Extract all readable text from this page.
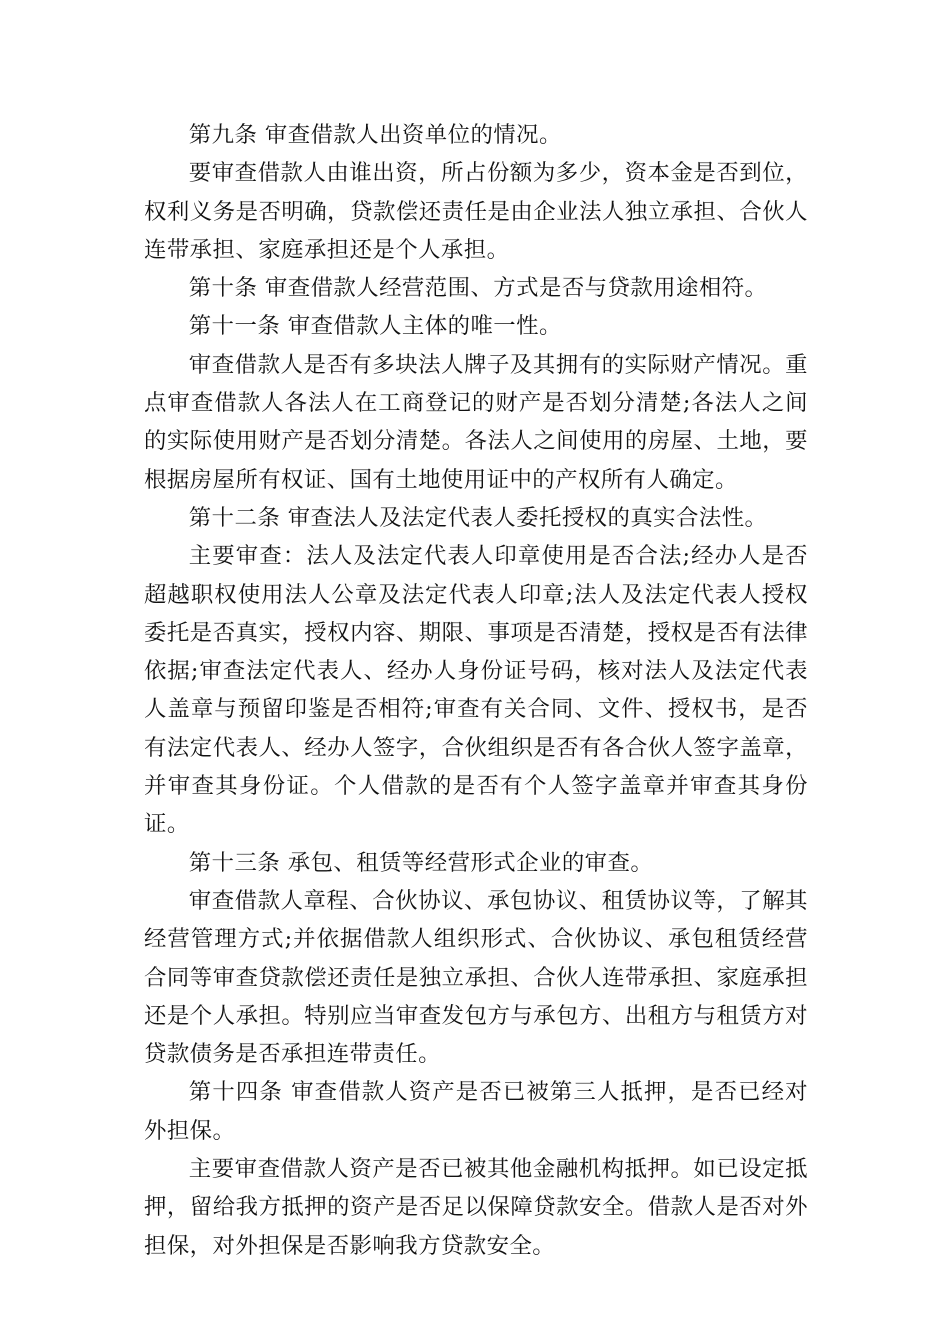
第九条 审查借款人出资单位的情况。

要审查借款人由谁出资，所占份额为多少，资本金是否到位，权利义务是否明确，贷款偿还责任是由企业法人独立承担、合伙人连带承担、家庭承担还是个人承担。

第十条 审查借款人经营范围、方式是否与贷款用途相符。

第十一条 审查借款人主体的唯一性。

审查借款人是否有多块法人牌子及其拥有的实际财产情况。重点审查借款人各法人在工商登记的财产是否划分清楚;各法人之间的实际使用财产是否划分清楚。各法人之间使用的房屋、土地，要根据房屋所有权证、国有土地使用证中的产权所有人确定。

第十二条 审查法人及法定代表人委托授权的真实合法性。

主要审查：法人及法定代表人印章使用是否合法;经办人是否超越职权使用法人公章及法定代表人印章;法人及法定代表人授权委托是否真实，授权内容、期限、事项是否清楚，授权是否有法律依据;审查法定代表人、经办人身份证号码，核对法人及法定代表人盖章与预留印鉴是否相符;审查有关合同、文件、授权书，是否有法定代表人、经办人签字，合伙组织是否有各合伙人签字盖章，并审查其身份证。个人借款的是否有个人签字盖章并审查其身份证。

第十三条 承包、租赁等经营形式企业的审查。

审查借款人章程、合伙协议、承包协议、租赁协议等，了解其经营管理方式;并依据借款人组织形式、合伙协议、承包租赁经营合同等审查贷款偿还责任是独立承担、合伙人连带承担、家庭承担还是个人承担。特别应当审查发包方与承包方、出租方与租赁方对贷款债务是否承担连带责任。

第十四条 审查借款人资产是否已被第三人抵押，是否已经对外担保。

主要审查借款人资产是否已被其他金融机构抵押。如已设定抵押，留给我方抵押的资产是否足以保障贷款安全。借款人是否对外担保，对外担保是否影响我方贷款安全。
